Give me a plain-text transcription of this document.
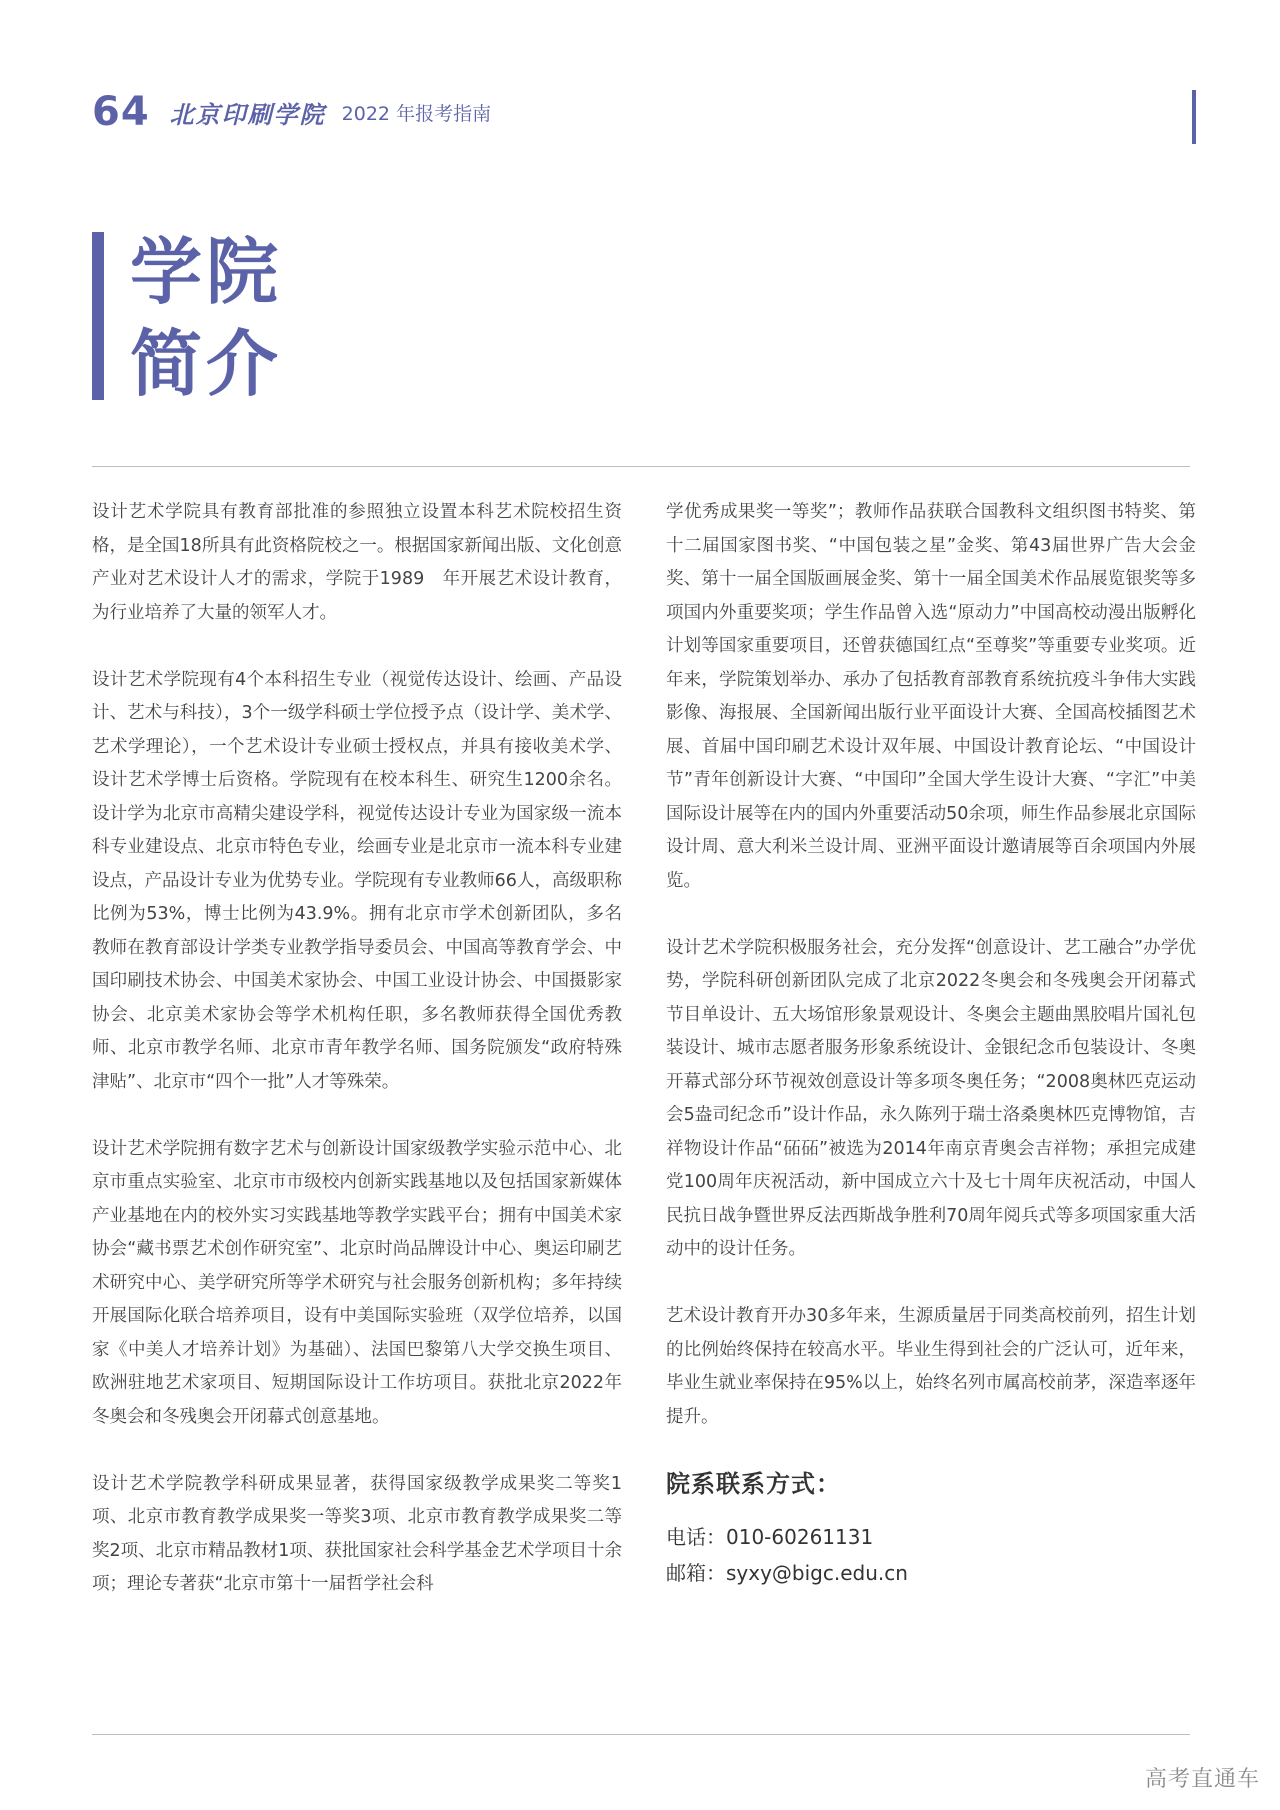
64 北京印刷学院 2022 年报考指南
学院
简介

设计艺术学院具有教育部批准的参照独立设置本科艺术院校招生资格，是全国18所具有此资格院校之一。根据国家新闻出版、文化创意产业对艺术设计人才的需求，学院于1989　年开展艺术设计教育，为行业培养了大量的领军人才。

设计艺术学院现有4个本科招生专业（视觉传达设计、绘画、产品设计、艺术与科技），3个一级学科硕士学位授予点（设计学、美术学、艺术学理论），一个艺术设计专业硕士授权点，并具有接收美术学、设计艺术学博士后资格。学院现有在校本科生、研究生1200余名。设计学为北京市高精尖建设学科，视觉传达设计专业为国家级一流本科专业建设点、北京市特色专业，绘画专业是北京市一流本科专业建设点，产品设计专业为优势专业。学院现有专业教师66人，高级职称比例为53%，博士比例为43.9%。拥有北京市学术创新团队，多名教师在教育部设计学类专业教学指导委员会、中国高等教育学会、中国印刷技术协会、中国美术家协会、中国工业设计协会、中国摄影家协会、北京美术家协会等学术机构任职，多名教师获得全国优秀教师、北京市教学名师、北京市青年教学名师、国务院颁发“政府特殊津贴”、北京市“四个一批”人才等殊荣。

设计艺术学院拥有数字艺术与创新设计国家级教学实验示范中心、北京市重点实验室、北京市市级校内创新实践基地以及包括国家新媒体产业基地在内的校外实习实践基地等教学实践平台；拥有中国美术家协会“藏书票艺术创作研究室”、北京时尚品牌设计中心、奥运印刷艺术研究中心、美学研究所等学术研究与社会服务创新机构；多年持续开展国际化联合培养项目，设有中美国际实验班（双学位培养，以国家《中美人才培养计划》为基础）、法国巴黎第八大学交换生项目、欧洲驻地艺术家项目、短期国际设计工作坊项目。获批北京2022年冬奥会和冬残奥会开闭幕式创意基地。

设计艺术学院教学科研成果显著，获得国家级教学成果奖二等奖1项、北京市教育教学成果奖一等奖3项、北京市教育教学成果奖二等奖2项、北京市精品教材1项、获批国家社会科学基金艺术学项目十余项；理论专著获“北京市第十一届哲学社会科

学优秀成果奖一等奖”；教师作品获联合国教科文组织图书特奖、第十二届国家图书奖、“中国包装之星”金奖、第43届世界广告大会金奖、第十一届全国版画展金奖、第十一届全国美术作品展览银奖等多项国内外重要奖项；学生作品曾入选“原动力”中国高校动漫出版孵化计划等国家重要项目，还曾获德国红点“至尊奖”等重要专业奖项。近年来，学院策划举办、承办了包括教育部教育系统抗疫斗争伟大实践影像、海报展、全国新闻出版行业平面设计大赛、全国高校插图艺术展、首届中国印刷艺术设计双年展、中国设计教育论坛、“中国设计节”青年创新设计大赛、“中国印”全国大学生设计大赛、“字汇”中美国际设计展等在内的国内外重要活动50余项，师生作品参展北京国际设计周、意大利米兰设计周、亚洲平面设计邀请展等百余项国内外展览。

设计艺术学院积极服务社会，充分发挥“创意设计、艺工融合”办学优势，学院科研创新团队完成了北京2022冬奥会和冬残奥会开闭幕式节目单设计、五大场馆形象景观设计、冬奥会主题曲黑胶唱片国礼包装设计、城市志愿者服务形象系统设计、金银纪念币包装设计、冬奥开幕式部分环节视效创意设计等多项冬奥任务；“2008奥林匹克运动会5盎司纪念币”设计作品，永久陈列于瑞士洛桑奥林匹克博物馆，吉祥物设计作品“砳砳”被选为2014年南京青奥会吉祥物；承担完成建党100周年庆祝活动，新中国成立六十及七十周年庆祝活动，中国人民抗日战争暨世界反法西斯战争胜利70周年阅兵式等多项国家重大活动中的设计任务。

艺术设计教育开办30多年来，生源质量居于同类高校前列，招生计划的比例始终保持在较高水平。毕业生得到社会的广泛认可，近年来，毕业生就业率保持在95%以上，始终名列市属高校前茅，深造率逐年提升。

院系联系方式：
电话：010-60261131
邮箱：syxy@bigc.edu.cn
高考直通车
